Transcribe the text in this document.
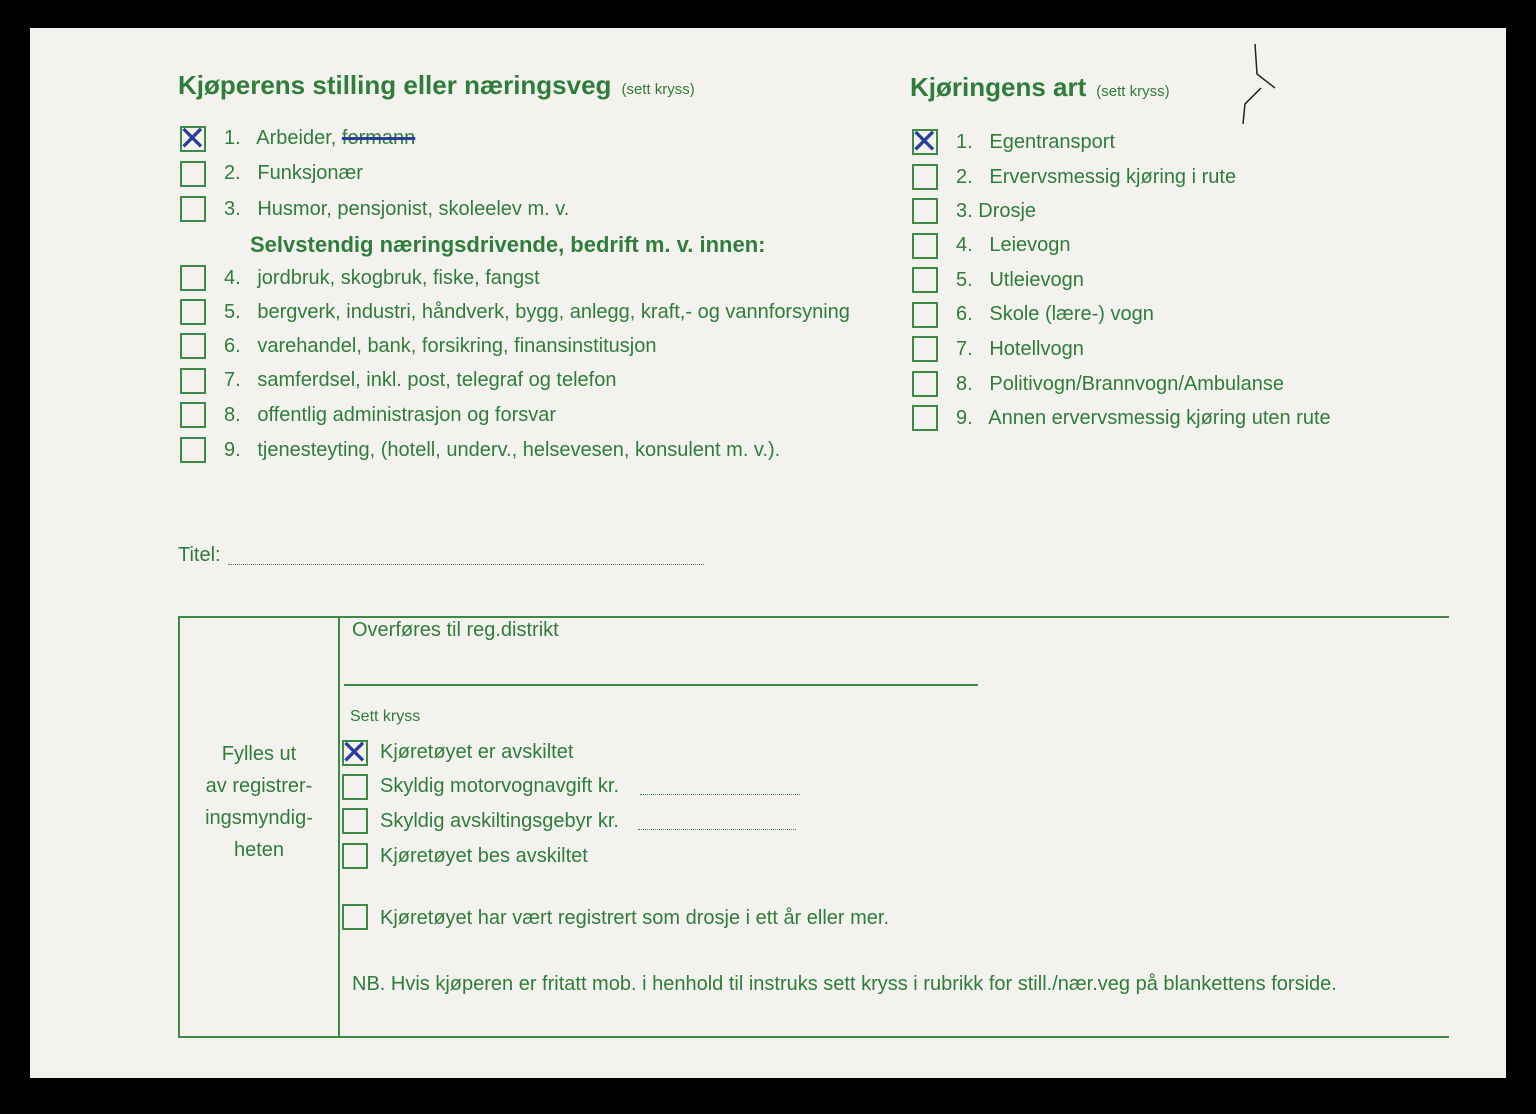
Kjøperens stilling eller næringsveg (sett kryss)
✕ 1. Arbeider, formann
2. Funksjonær
3. Husmor, pensjonist, skoleelev m. v.
Selvstendig næringsdrivende, bedrift m. v. innen:
4. jordbruk, skogbruk, fiske, fangst
5. bergverk, industri, håndverk, bygg, anlegg, kraft,- og vannforsyning
6. varehandel, bank, forsikring, finansinstitusjon
7. samferdsel, inkl. post, telegraf og telefon
8. offentlig administrasjon og forsvar
9. tjenesteyting, (hotell, underv., helsevesen, konsulent m. v.).
Kjøringens art (sett kryss)
✕ 1. Egentransport
2. Ervervsmessig kjøring i rute
3. Drosje
4. Leievogn
5. Utleievogn
6. Skole (lære-) vogn
7. Hotellvogn
8. Politivogn/Brannvogn/Ambulanse
9. Annen ervervsmessig kjøring uten rute
Titel:
Fylles ut
av registrer-
ingsmyndig-
heten
Overføres til reg.distrikt
Sett kryss
✕ Kjøretøyet er avskiltet
Skyldig motorvognavgift kr.
Skyldig avskiltingsgebyr kr.
Kjøretøyet bes avskiltet
Kjøretøyet har vært registrert som drosje i ett år eller mer.
NB. Hvis kjøperen er fritatt mob. i henhold til instruks sett kryss i rubrikk for still./nær.veg på blankettens forside.
